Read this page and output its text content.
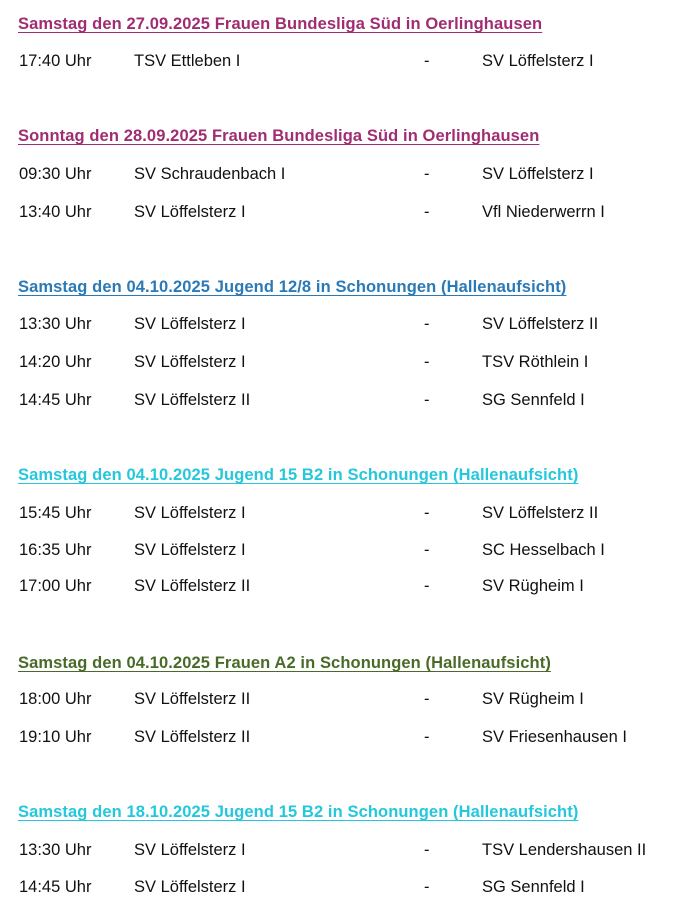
Samstag den 27.09.2025 Frauen Bundesliga Süd in Oerlinghausen
17:40 Uhr	TSV Ettleben I	-	SV Löffelsterz I
Sonntag den 28.09.2025 Frauen Bundesliga Süd in Oerlinghausen
09:30 Uhr	SV Schraudenbach I	-	SV Löffelsterz I
13:40 Uhr	SV Löffelsterz I	-	Vfl Niederwerrn I
Samstag den 04.10.2025 Jugend 12/8 in Schonungen (Hallenaufsicht)
13:30 Uhr	SV Löffelsterz I	-	SV Löffelsterz II
14:20 Uhr	SV Löffelsterz I	-	TSV Röthlein I
14:45 Uhr	SV Löffelsterz II	-	SG Sennfeld I
Samstag den 04.10.2025 Jugend 15 B2 in Schonungen (Hallenaufsicht)
15:45 Uhr	SV Löffelsterz I	-	SV Löffelsterz II
16:35 Uhr	SV Löffelsterz I	-	SC Hesselbach I
17:00 Uhr	SV Löffelsterz II	-	SV Rügheim I
Samstag den 04.10.2025 Frauen A2 in Schonungen (Hallenaufsicht)
18:00 Uhr	SV Löffelsterz II	-	SV Rügheim I
19:10 Uhr	SV Löffelsterz II	-	SV Friesenhausen I
Samstag den 18.10.2025 Jugend 15 B2 in Schonungen (Hallenaufsicht)
13:30 Uhr	SV Löffelsterz I	-	TSV Lendershausen II
14:45 Uhr	SV Löffelsterz I	-	SG Sennfeld I
